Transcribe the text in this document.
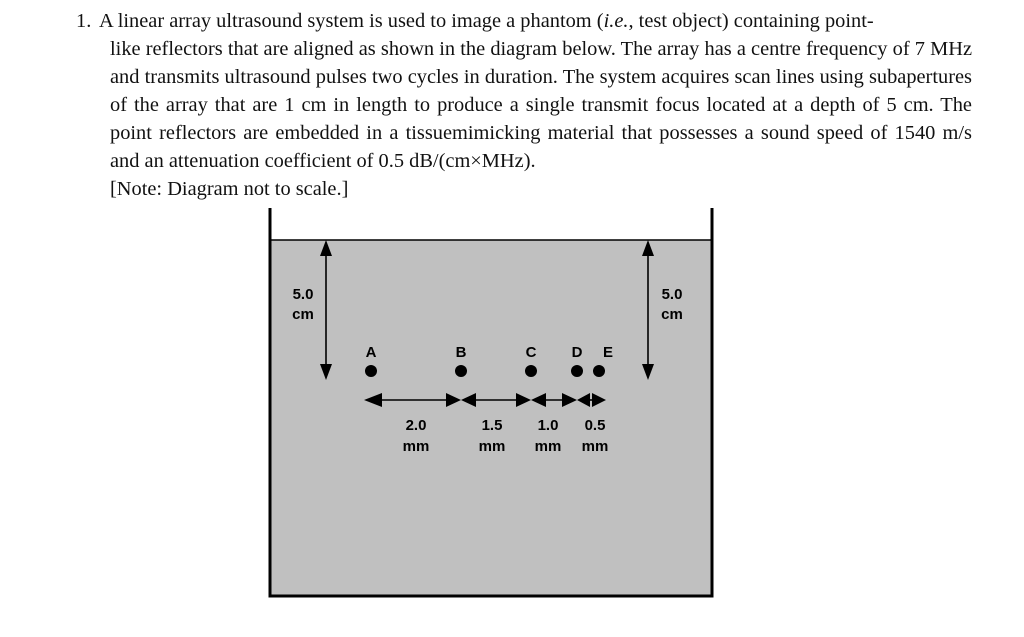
1. A linear array ultrasound system is used to image a phantom (i.e., test object) containing point-
like reflectors that are aligned as shown in the diagram below. The array has a centre frequency of 7 MHz and transmits ultrasound pulses two cycles in duration. The system acquires scan lines using subapertures of the array that are 1 cm in length to produce a single transmit focus located at a depth of 5 cm. The point reflectors are embedded in a tissuemimicking material that possesses a sound speed of 1540 m/s and an attenuation coefficient of 0.5 dB/(cm×MHz).
[Note: Diagram not to scale.]
5.0
cm
5.0
cm
A	B	C D E
2.0
mm
1.5
mm
1.0
mm
0.5
mm
